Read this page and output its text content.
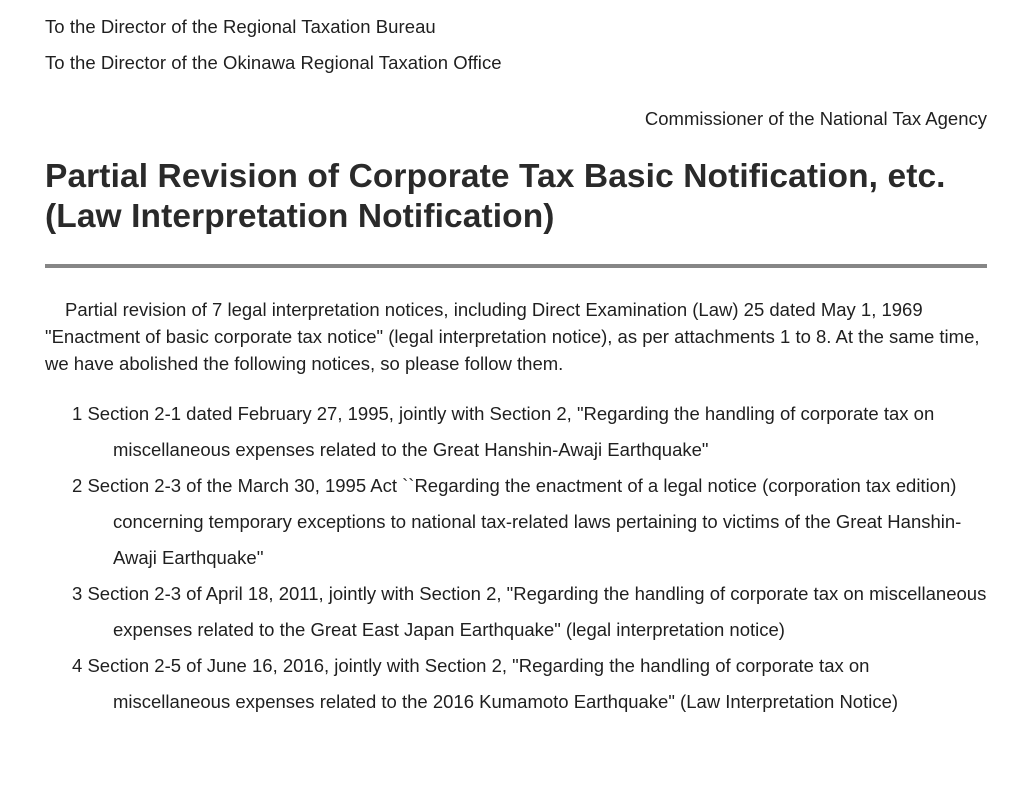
To the Director of the Regional Taxation Bureau
To the Director of the Okinawa Regional Taxation Office
Commissioner of the National Tax Agency
Partial Revision of Corporate Tax Basic Notification, etc.
(Law Interpretation Notification)

Partial revision of 7 legal interpretation notices, including Direct Examination (Law) 25 dated May 1, 1969 "Enactment of basic corporate tax notice" (legal interpretation notice), as per attachments 1 to 8. At the same time, we have abolished the following notices, so please follow them.

1 Section 2-1 dated February 27, 1995, jointly with Section 2, "Regarding the handling of corporate tax on miscellaneous expenses related to the Great Hanshin-Awaji Earthquake"
2 Section 2-3 of the March 30, 1995 Act ``Regarding the enactment of a legal notice (corporation tax edition) concerning temporary exceptions to national tax-related laws pertaining to victims of the Great Hanshin-Awaji Earthquake''
3 Section 2-3 of April 18, 2011, jointly with Section 2, "Regarding the handling of corporate tax on miscellaneous expenses related to the Great East Japan Earthquake" (legal interpretation notice)
4 Section 2-5 of June 16, 2016, jointly with Section 2, "Regarding the handling of corporate tax on miscellaneous expenses related to the 2016 Kumamoto Earthquake" (Law Interpretation Notice)
